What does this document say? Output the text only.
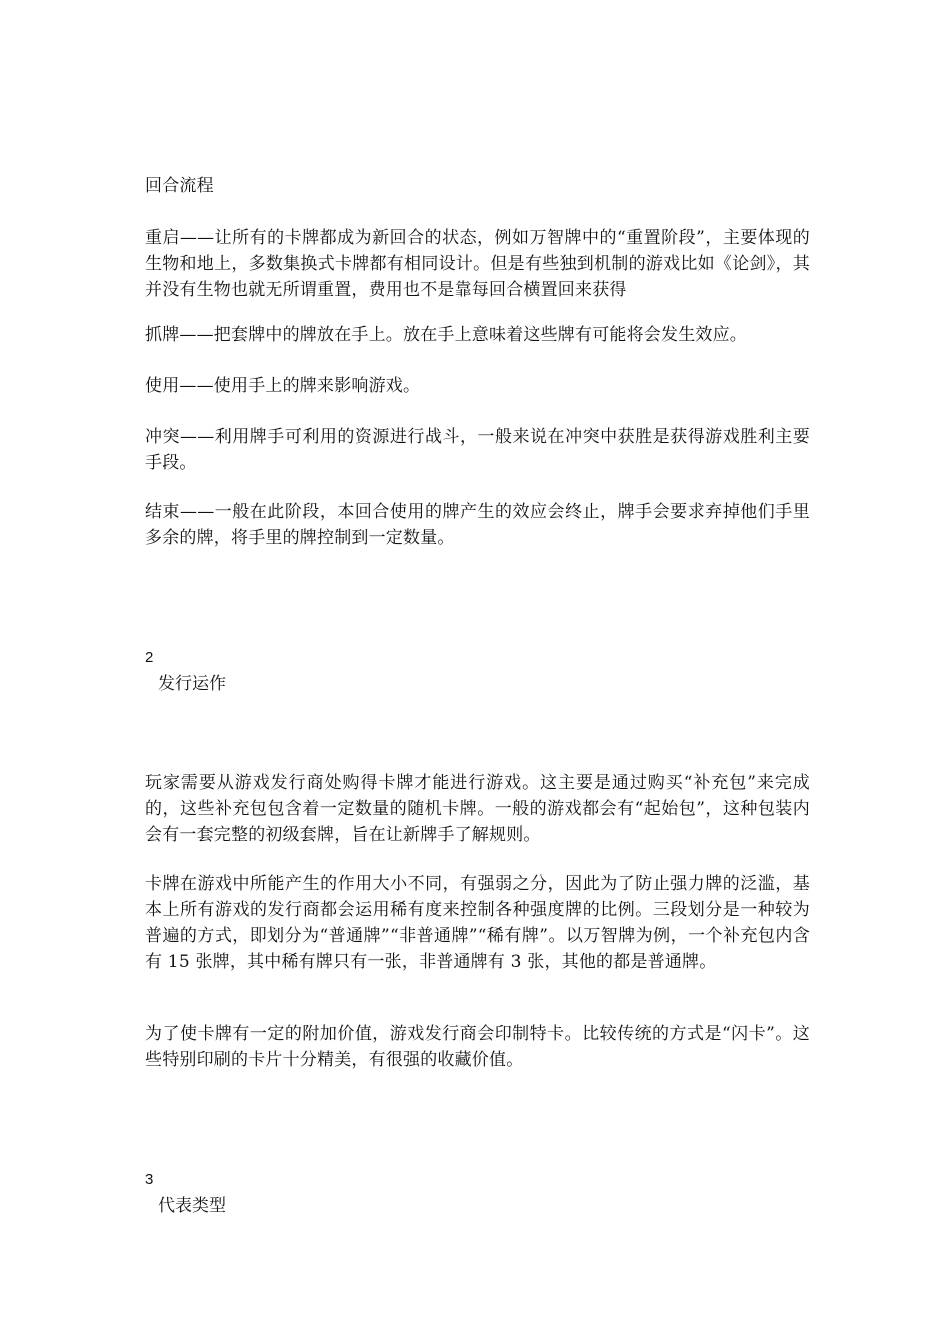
回合流程

重启——让所有的卡牌都成为新回合的状态，例如万智牌中的“重置阶段”，主要体现的生物和地上，多数集换式卡牌都有相同设计。但是有些独到机制的游戏比如《论剑》，其并没有生物也就无所谓重置，费用也不是靠每回合横置回来获得

抓牌——把套牌中的牌放在手上。放在手上意味着这些牌有可能将会发生效应。

使用——使用手上的牌来影响游戏。

冲突——利用牌手可利用的资源进行战斗，一般来说在冲突中获胜是获得游戏胜利主要手段。

结束——一般在此阶段，本回合使用的牌产生的效应会终止，牌手会要求弃掉他们手里多余的牌，将手里的牌控制到一定数量。

2
发行运作

玩家需要从游戏发行商处购得卡牌才能进行游戏。这主要是通过购买“补充包”来完成的，这些补充包包含着一定数量的随机卡牌。一般的游戏都会有“起始包”，这种包装内会有一套完整的初级套牌，旨在让新牌手了解规则。

卡牌在游戏中所能产生的作用大小不同，有强弱之分，因此为了防止强力牌的泛滥，基本上所有游戏的发行商都会运用稀有度来控制各种强度牌的比例。三段划分是一种较为普遍的方式，即划分为“普通牌”“非普通牌”“稀有牌”。以万智牌为例，一个补充包内含有 15 张牌，其中稀有牌只有一张，非普通牌有 3 张，其他的都是普通牌。

为了使卡牌有一定的附加价值，游戏发行商会印制特卡。比较传统的方式是“闪卡”。这些特别印刷的卡片十分精美，有很强的收藏价值。

3
代表类型
